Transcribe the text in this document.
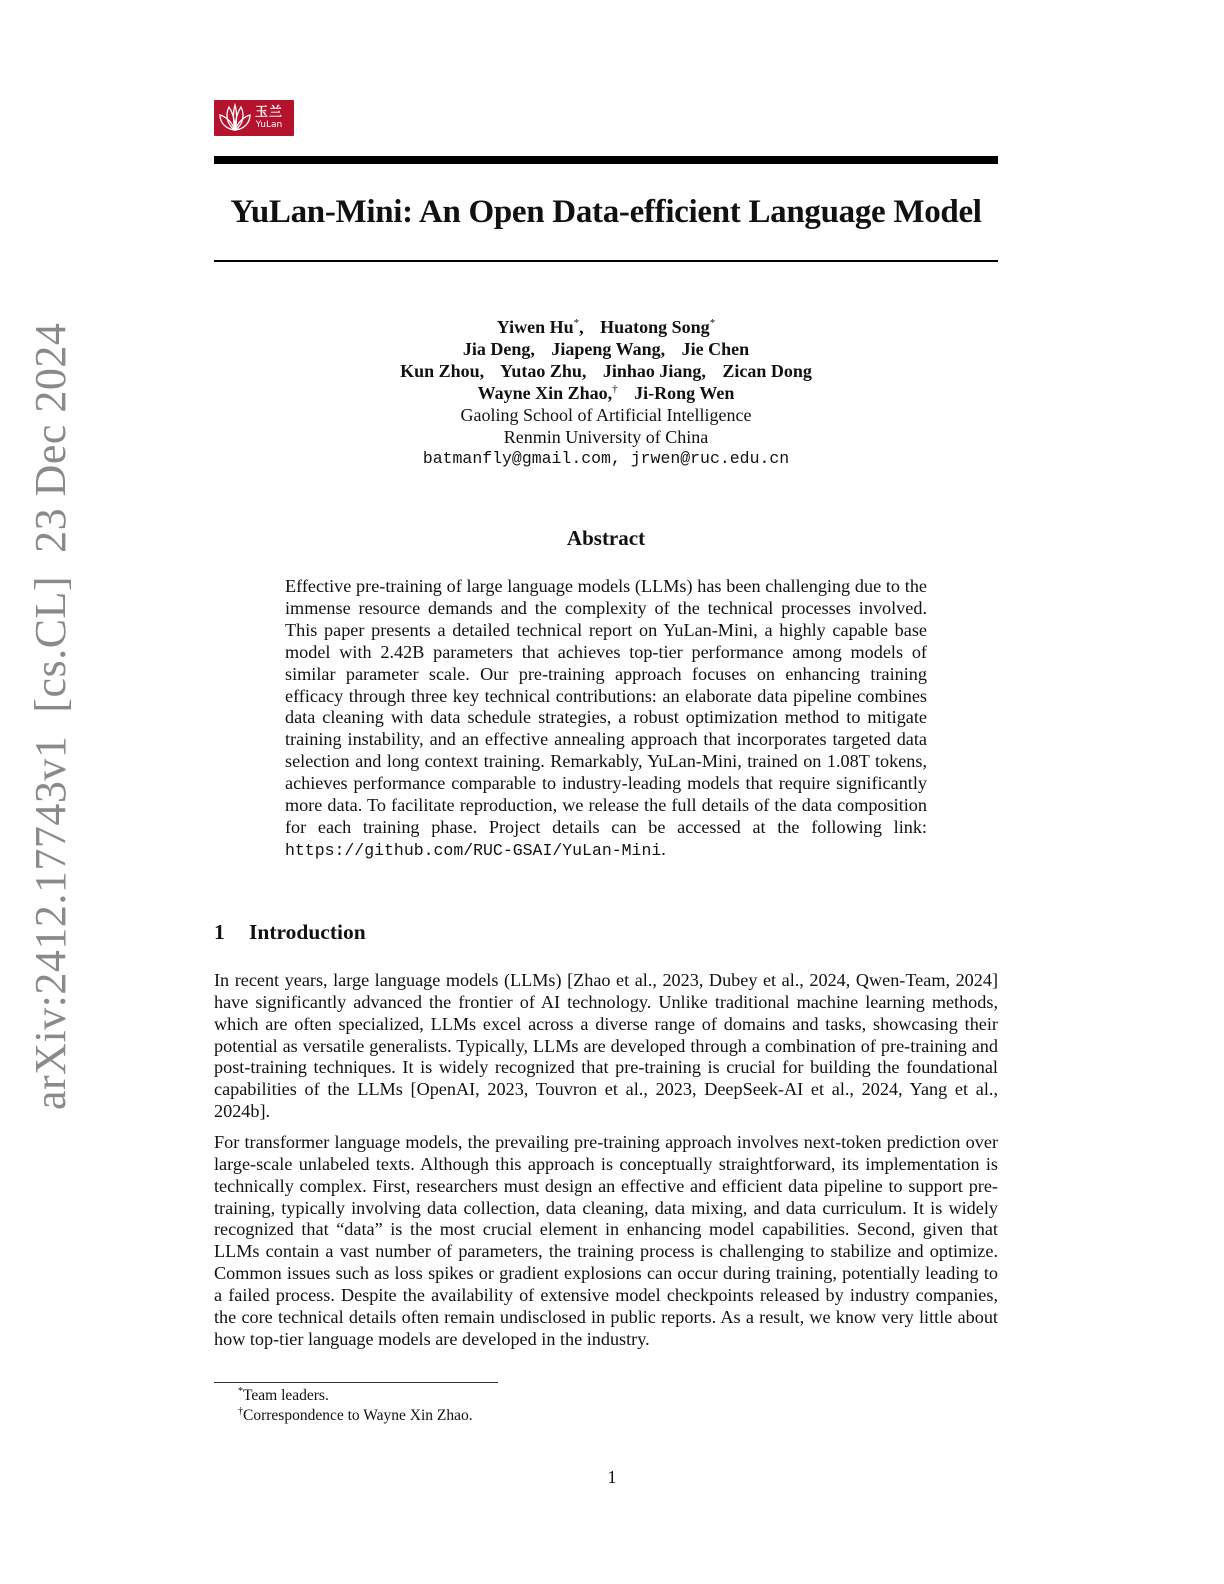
arXiv:2412.17743v1  [cs.CL]  23 Dec 2024
玉兰
YuLan
YuLan-Mini: An Open Data-efficient Language Model
Yiwen Hu*, Huatong Song*
Jia Deng, Jiapeng Wang, Jie Chen
Kun Zhou, Yutao Zhu, Jinhao Jiang, Zican Dong
Wayne Xin Zhao,† Ji-Rong Wen
Gaoling School of Artificial Intelligence
Renmin University of China
batmanfly@gmail.com, jrwen@ruc.edu.cn
Abstract
Effective pre-training of large language models (LLMs) has been challenging due to the immense resource demands and the complexity of the technical processes involved. This paper presents a detailed technical report on YuLan-Mini, a highly capable base model with 2.42B parameters that achieves top-tier performance among models of similar parameter scale. Our pre-training approach focuses on enhancing training efficacy through three key technical contributions: an elaborate data pipeline combines data cleaning with data schedule strategies, a robust optimization method to mitigate training instability, and an effective annealing approach that incorporates targeted data selection and long context training. Remarkably, YuLan-Mini, trained on 1.08T tokens, achieves performance comparable to industry-leading models that require significantly more data. To facilitate reproduction, we release the full details of the data composition for each training phase. Project details can be accessed at the following link: https://github.com/RUC-GSAI/YuLan-Mini.
1 Introduction
In recent years, large language models (LLMs) [Zhao et al., 2023, Dubey et al., 2024, Qwen-Team, 2024] have significantly advanced the frontier of AI technology. Unlike traditional machine learning methods, which are often specialized, LLMs excel across a diverse range of domains and tasks, showcasing their potential as versatile generalists. Typically, LLMs are developed through a combination of pre-training and post-training techniques. It is widely recognized that pre-training is crucial for building the foundational capabilities of the LLMs [OpenAI, 2023, Touvron et al., 2023, DeepSeek-AI et al., 2024, Yang et al., 2024b].
For transformer language models, the prevailing pre-training approach involves next-token prediction over large-scale unlabeled texts. Although this approach is conceptually straightforward, its implementation is technically complex. First, researchers must design an effective and efficient data pipeline to support pre-training, typically involving data collection, data cleaning, data mixing, and data curriculum. It is widely recognized that “data” is the most crucial element in enhancing model capabilities. Second, given that LLMs contain a vast number of parameters, the training process is challenging to stabilize and optimize. Common issues such as loss spikes or gradient explosions can occur during training, potentially leading to a failed process. Despite the availability of extensive model checkpoints released by industry companies, the core technical details often remain undisclosed in public reports. As a result, we know very little about how top-tier language models are developed in the industry.
*Team leaders.
†Correspondence to Wayne Xin Zhao.
1
